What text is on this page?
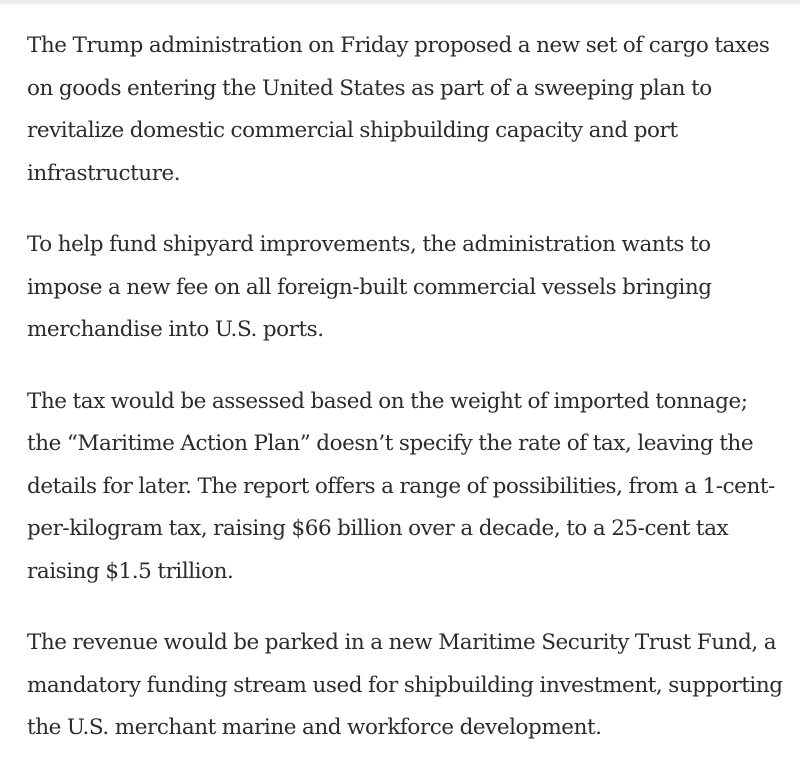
The Trump administration on Friday proposed a new set of cargo taxes on goods entering the United States as part of a sweeping plan to revitalize domestic commercial shipbuilding capacity and port infrastructure.

To help fund shipyard improvements, the administration wants to impose a new fee on all foreign-built commercial vessels bringing merchandise into U.S. ports.

The tax would be assessed based on the weight of imported tonnage; the “Maritime Action Plan” doesn’t specify the rate of tax, leaving the details for later. The report offers a range of possibilities, from a 1-cent-per-kilogram tax, raising $66 billion over a decade, to a 25-cent tax raising $1.5 trillion.

The revenue would be parked in a new Maritime Security Trust Fund, a mandatory funding stream used for shipbuilding investment, supporting the U.S. merchant marine and workforce development.
